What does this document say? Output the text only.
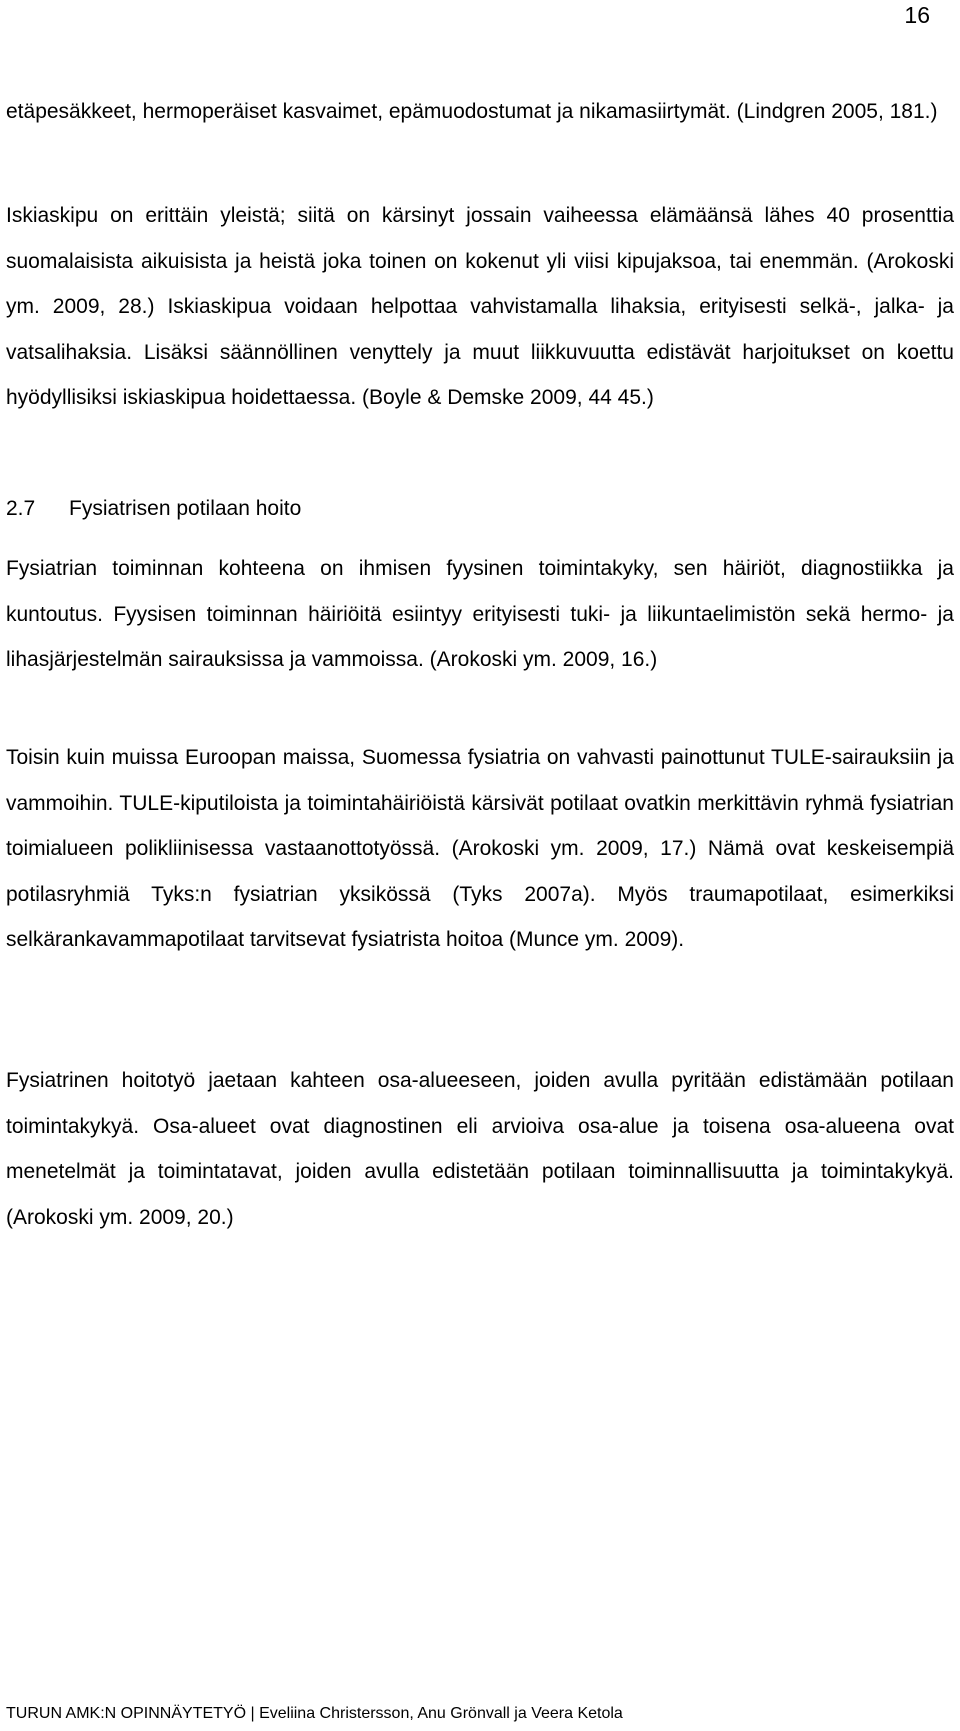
16

etäpesäkkeet, hermoperäiset kasvaimet, epämuodostumat ja nikamasiirtymät. (Lindgren 2005, 181.)

Iskiaskipu on erittäin yleistä; siitä on kärsinyt jossain vaiheessa elämäänsä lähes 40 prosenttia suomalaisista aikuisista ja heistä joka toinen on kokenut yli viisi kipujaksoa, tai enemmän. (Arokoski ym. 2009, 28.) Iskiaskipua voidaan helpottaa vahvistamalla lihaksia, erityisesti selkä-, jalka- ja vatsalihaksia. Lisäksi säännöllinen venyttely ja muut liikkuvuutta edistävät harjoitukset on koettu hyödyllisiksi iskiaskipua hoidettaessa. (Boyle & Demske 2009, 44 45.)

2.7 Fysiatrisen potilaan hoito

Fysiatrian toiminnan kohteena on ihmisen fyysinen toimintakyky, sen häiriöt, diagnostiikka ja kuntoutus. Fyysisen toiminnan häiriöitä esiintyy erityisesti tuki- ja liikuntaelimistön sekä hermo- ja lihasjärjestelmän sairauksissa ja vammoissa. (Arokoski ym. 2009, 16.)

Toisin kuin muissa Euroopan maissa, Suomessa fysiatria on vahvasti painottunut TULE-sairauksiin ja vammoihin. TULE-kiputiloista ja toimintahäiriöistä kärsivät potilaat ovatkin merkittävin ryhmä fysiatrian toimialueen polikliinisessa vastaanottotyössä. (Arokoski ym. 2009, 17.) Nämä ovat keskeisempiä potilasryhmiä Tyks:n fysiatrian yksikössä (Tyks 2007a). Myös traumapotilaat, esimerkiksi selkärankavammapotilaat tarvitsevat fysiatrista hoitoa (Munce ym. 2009).

Fysiatrinen hoitotyö jaetaan kahteen osa-alueeseen, joiden avulla pyritään edistämään potilaan toimintakykyä. Osa-alueet ovat diagnostinen eli arvioiva osa-alue ja toisena osa-alueena ovat menetelmät ja toimintatavat, joiden avulla edistetään potilaan toiminnallisuutta ja toimintakykyä. (Arokoski ym. 2009, 20.)

TURUN AMK:N OPINNÄYTETYÖ | Eveliina Christersson, Anu Grönvall ja Veera Ketola
